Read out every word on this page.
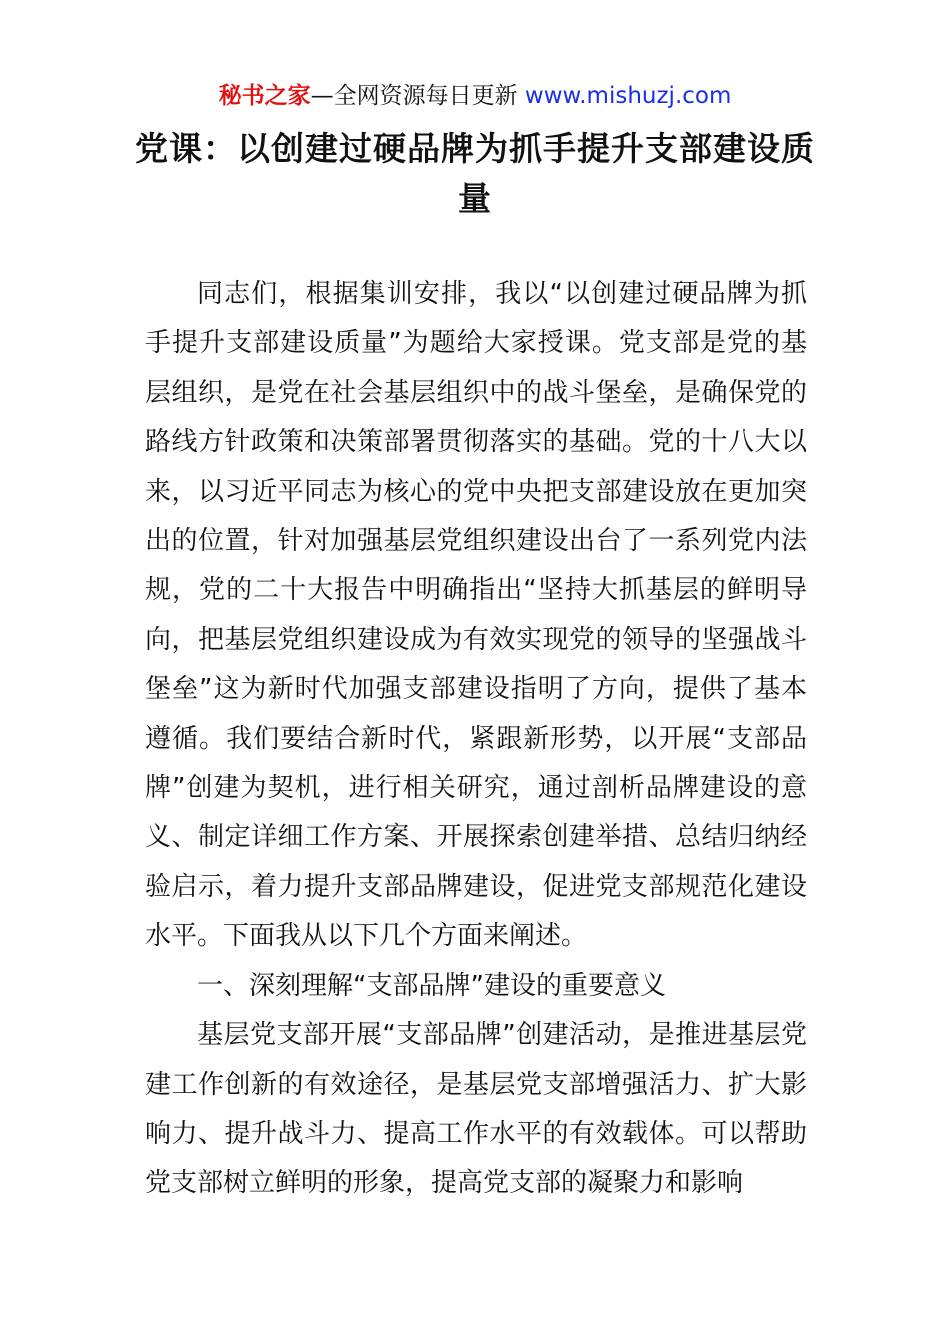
秘书之家—全网资源每日更新 www.mishuzj.com
党课：以创建过硬品牌为抓手提升支部建设质量

同志们，根据集训安排，我以“以创建过硬品牌为抓手提升支部建设质量”为题给大家授课。党支部是党的基层组织，是党在社会基层组织中的战斗堡垒，是确保党的路线方针政策和决策部署贯彻落实的基础。党的十八大以来，以习近平同志为核心的党中央把支部建设放在更加突出的位置，针对加强基层党组织建设出台了一系列党内法规，党的二十大报告中明确指出“坚持大抓基层的鲜明导向，把基层党组织建设成为有效实现党的领导的坚强战斗堡垒”这为新时代加强支部建设指明了方向，提供了基本遵循。我们要结合新时代，紧跟新形势，以开展“支部品牌”创建为契机，进行相关研究，通过剖析品牌建设的意义、制定详细工作方案、开展探索创建举措、总结归纳经验启示，着力提升支部品牌建设，促进党支部规范化建设水平。下面我从以下几个方面来阐述。

一、深刻理解“支部品牌”建设的重要意义

基层党支部开展“支部品牌”创建活动，是推进基层党建工作创新的有效途径，是基层党支部增强活力、扩大影响力、提升战斗力、提高工作水平的有效载体。可以帮助党支部树立鲜明的形象，提高党支部的凝聚力和影响
